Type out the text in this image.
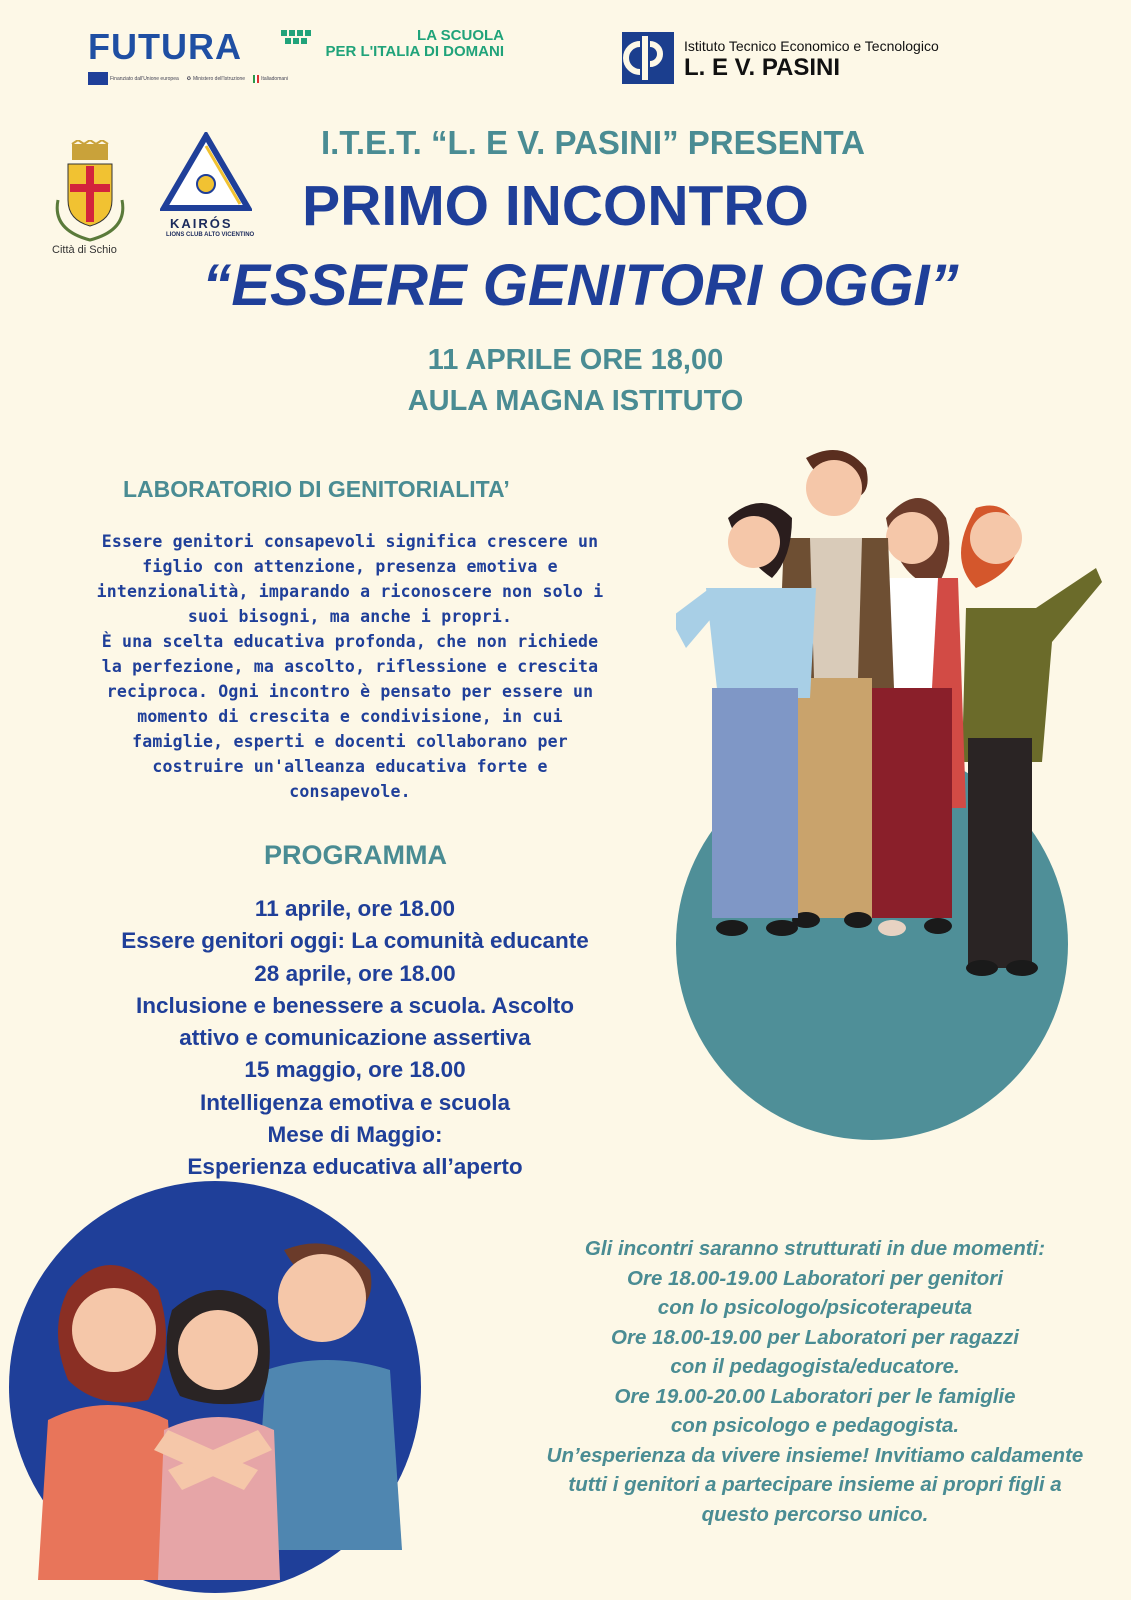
FUTURA	LA SCUOLA
PER L'ITALIA DI DOMANI
Finanziato dall'Unione europea ✪ Ministero dell'Istruzione	Italiadomani
Istituto Tecnico Economico e Tecnologico
L. E V. PASINI
Città di Schio
KAIRÓS
LIONS CLUB ALTO VICENTINO
I.T.E.T. “L. E V. PASINI” PRESENTA
PRIMO INCONTRO
“ESSERE GENITORI OGGI”
11 APRILE ORE 18,00
AULA MAGNA ISTITUTO
LABORATORIO DI GENITORIALITA’
Essere genitori consapevoli significa crescere un
figlio con attenzione, presenza emotiva e
intenzionalità, imparando a riconoscere non solo i
suoi bisogni, ma anche i propri.
È una scelta educativa profonda, che non richiede
la perfezione, ma ascolto, riflessione e crescita
reciproca. Ogni incontro è pensato per essere un
momento di crescita e condivisione, in cui
famiglie, esperti e docenti collaborano per
costruire un'alleanza educativa forte e
consapevole.
PROGRAMMA
11 aprile, ore 18.00
Essere genitori oggi: La comunità educante
28 aprile, ore 18.00
Inclusione e benessere a scuola. Ascolto
attivo e comunicazione assertiva
15 maggio, ore 18.00
Intelligenza emotiva e scuola
Mese di Maggio:
Esperienza educativa all’aperto
Gli incontri saranno strutturati in due momenti:
Ore 18.00-19.00 Laboratori per genitori
con lo psicologo/psicoterapeuta
Ore 18.00-19.00 per Laboratori per ragazzi
con il pedagogista/educatore.
Ore 19.00-20.00 Laboratori per le famiglie
con psicologo e pedagogista.
Un’esperienza da vivere insieme! Invitiamo caldamente
tutti i genitori a partecipare insieme ai propri figli a
questo percorso unico.
